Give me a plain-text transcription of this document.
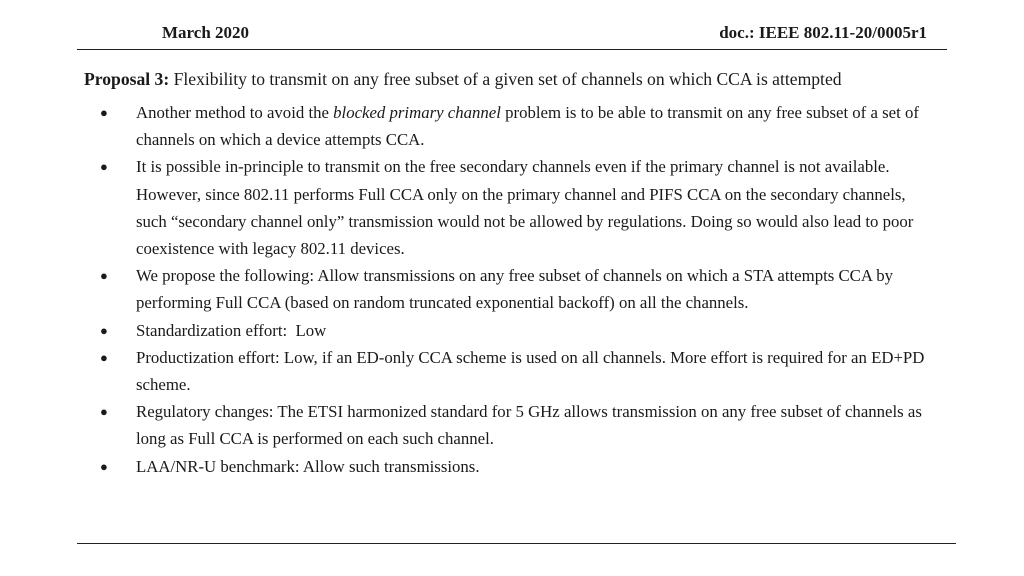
March 2020	doc.: IEEE 802.11-20/0005r1

Proposal 3: Flexibility to transmit on any free subset of a given set of channels on which CCA is attempted

● Another method to avoid the blocked primary channel problem is to be able to transmit on any free subset of a set of channels on which a device attempts CCA.
● It is possible in-principle to transmit on the free secondary channels even if the primary channel is not available. However, since 802.11 performs Full CCA only on the primary channel and PIFS CCA on the secondary channels, such “secondary channel only” transmission would not be allowed by regulations. Doing so would also lead to poor coexistence with legacy 802.11 devices.
● We propose the following: Allow transmissions on any free subset of channels on which a STA attempts CCA by performing Full CCA (based on random truncated exponential backoff) on all the channels.
● Standardization effort:  Low
● Productization effort: Low, if an ED-only CCA scheme is used on all channels. More effort is required for an ED+PD scheme.
● Regulatory changes: The ETSI harmonized standard for 5 GHz allows transmission on any free subset of channels as long as Full CCA is performed on each such channel.
● LAA/NR-U benchmark: Allow such transmissions.
